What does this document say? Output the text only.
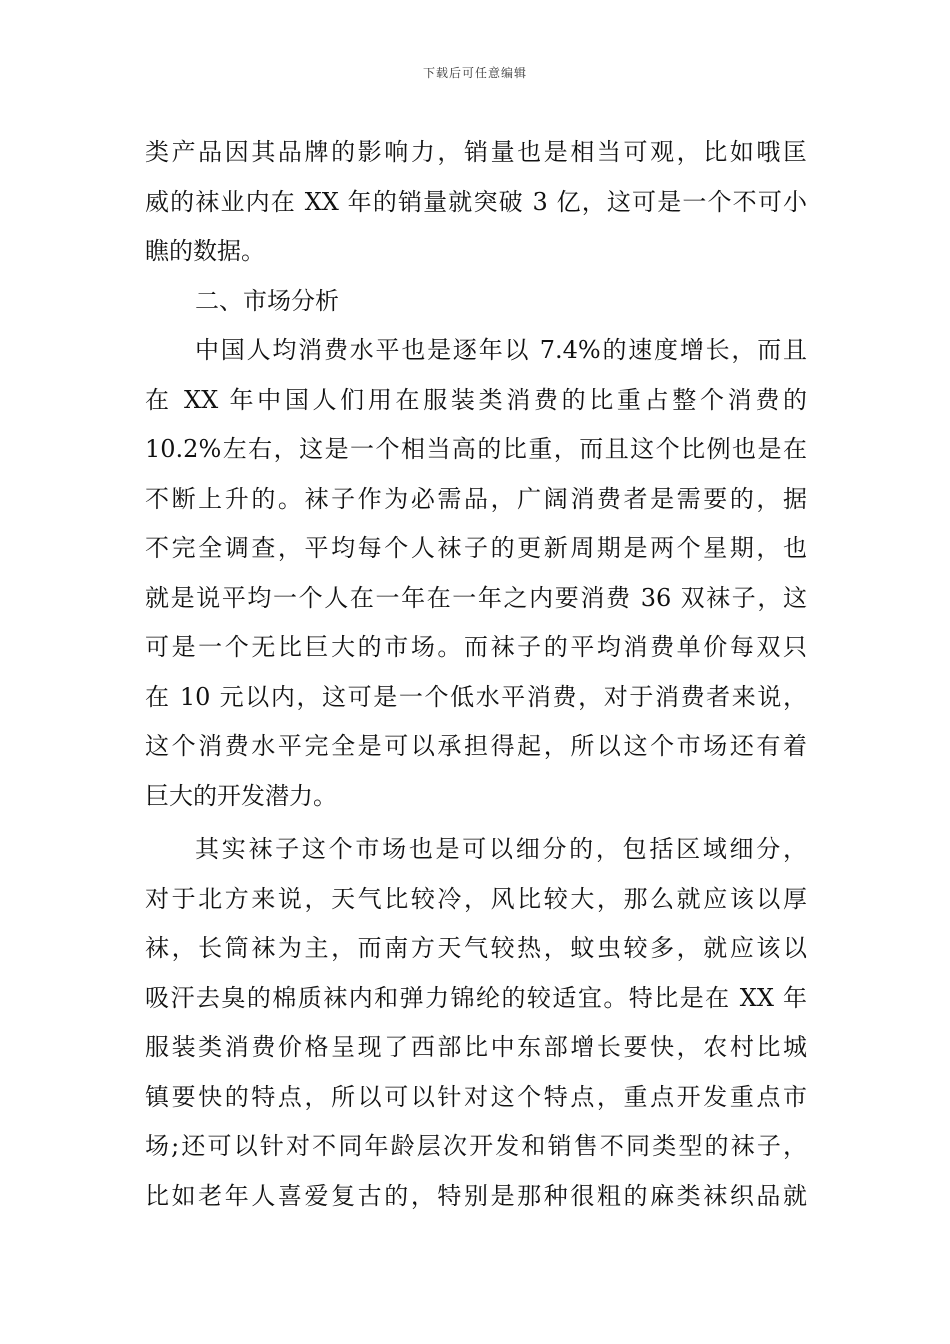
下载后可任意编辑
类产品因其品牌的影响力，销量也是相当可观，比如哦匡
威的袜业内在 XX 年的销量就突破 3 亿，这可是一个不可小
瞧的数据。
二、市场分析
中国人均消费水平也是逐年以 7.4%的速度增长，而且
在 XX 年中国人们用在服装类消费的比重占整个消费的
10.2%左右，这是一个相当高的比重，而且这个比例也是在
不断上升的。袜子作为必需品，广阔消费者是需要的，据
不完全调查，平均每个人袜子的更新周期是两个星期，也
就是说平均一个人在一年在一年之内要消费 36 双袜子，这
可是一个无比巨大的市场。而袜子的平均消费单价每双只
在 10 元以内，这可是一个低水平消费，对于消费者来说，
这个消费水平完全是可以承担得起，所以这个市场还有着
巨大的开发潜力。
其实袜子这个市场也是可以细分的，包括区域细分，
对于北方来说，天气比较冷，风比较大，那么就应该以厚
袜，长筒袜为主，而南方天气较热，蚊虫较多，就应该以
吸汗去臭的棉质袜内和弹力锦纶的较适宜。特比是在 XX 年
服装类消费价格呈现了西部比中东部增长要快，农村比城
镇要快的特点，所以可以针对这个特点，重点开发重点市
场;还可以针对不同年龄层次开发和销售不同类型的袜子，
比如老年人喜爱复古的，特别是那种很粗的麻类袜织品就
